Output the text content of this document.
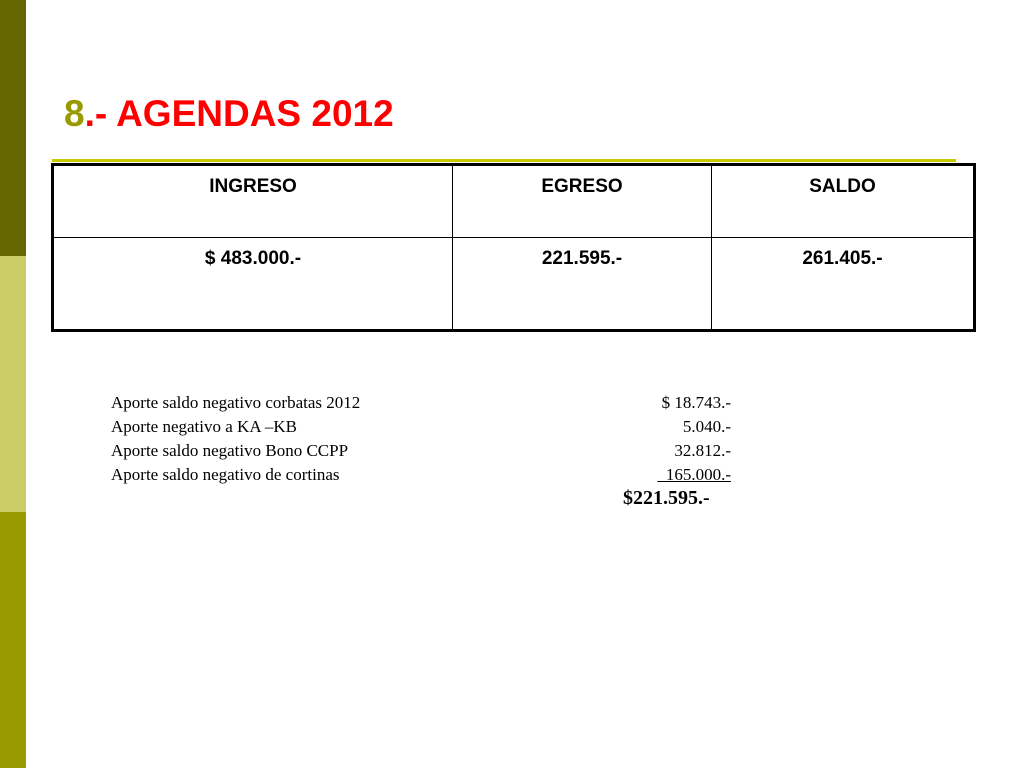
8.- AGENDAS 2012
INGRESO	EGRESO	SALDO
$ 483.000.-	221.595.-	261.405.-
Aporte saldo negativo corbatas 2012	$ 18.743.-
Aporte negativo a KA –KB	5.040.-
Aporte saldo negativo Bono CCPP	32.812.-
Aporte saldo negativo de cortinas	165.000.-
$221.595.-
